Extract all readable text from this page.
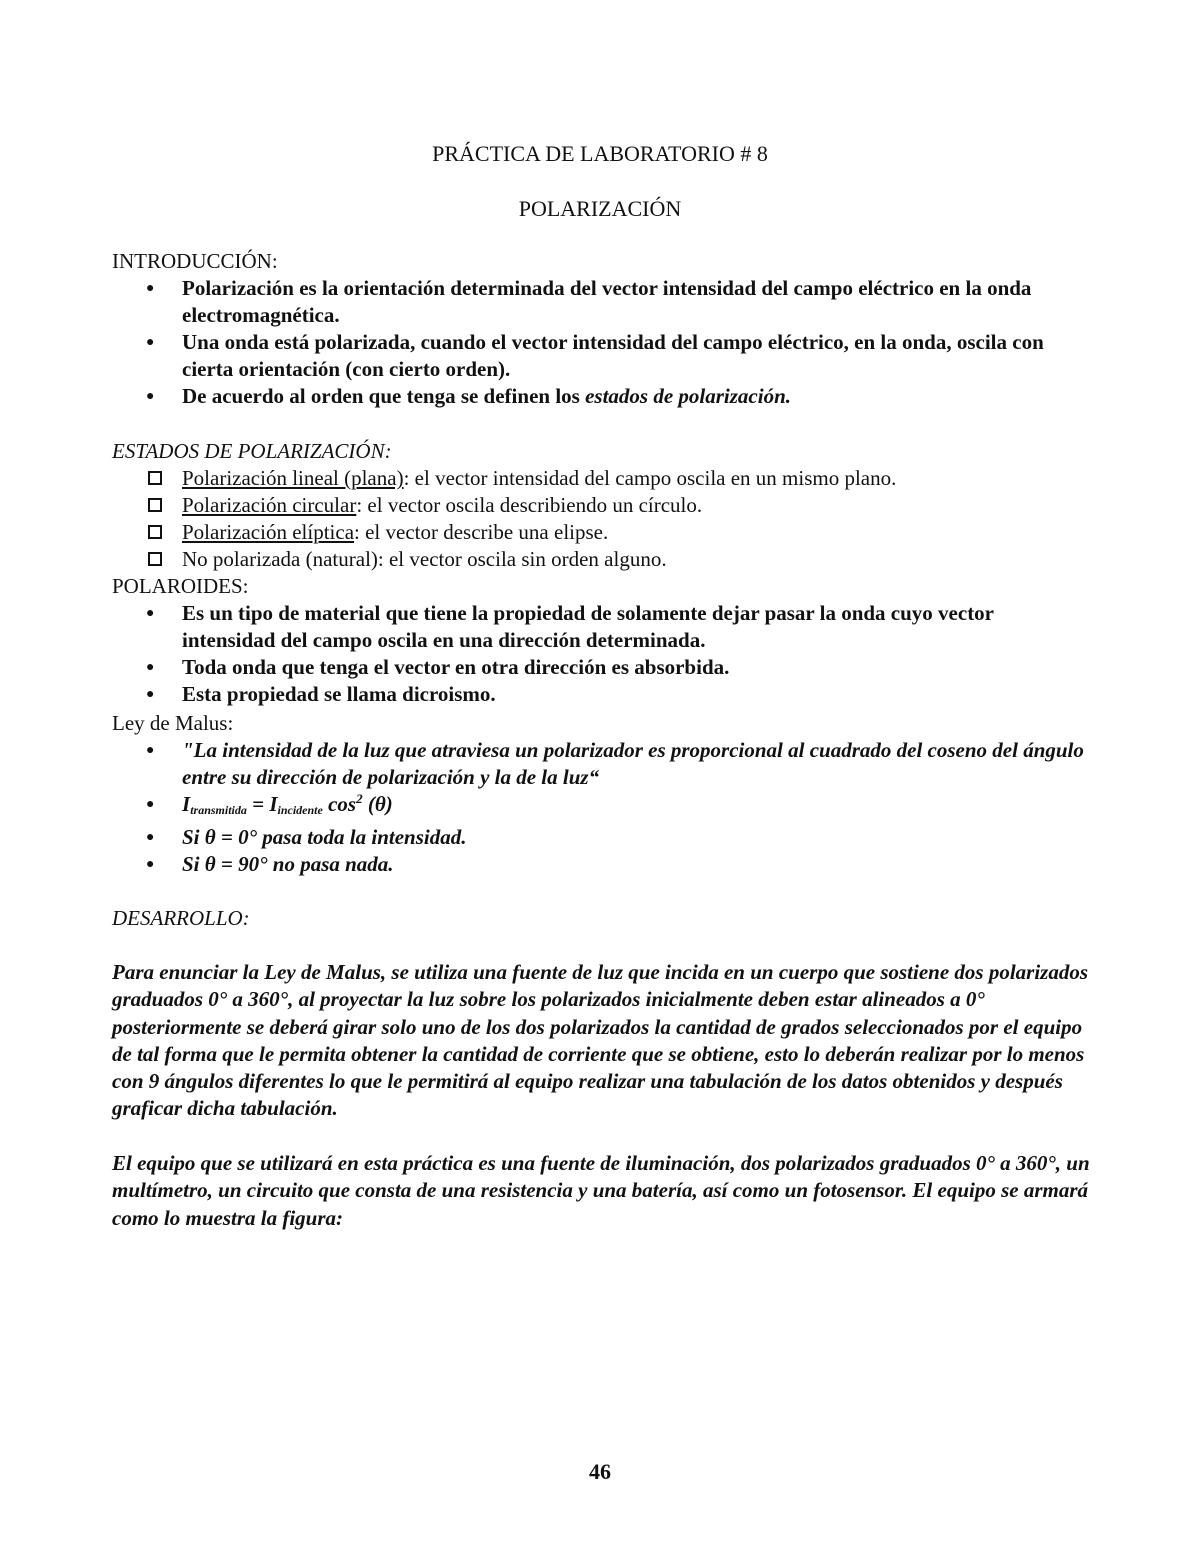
PRÁCTICA DE LABORATORIO # 8
POLARIZACIÓN
INTRODUCCIÓN:
● Polarización es la orientación determinada del vector intensidad del campo eléctrico en la onda electromagnética.
● Una onda está polarizada, cuando el vector intensidad del campo eléctrico, en la onda, oscila con cierta orientación (con cierto orden).
● De acuerdo al orden que tenga se definen los estados de polarización.
ESTADOS DE POLARIZACIÓN:
Polarización lineal (plana): el vector intensidad del campo oscila en un mismo plano.
Polarización circular: el vector oscila describiendo un círculo.
Polarización elíptica: el vector describe una elipse.
No polarizada (natural): el vector oscila sin orden alguno.
POLAROIDES:
● Es un tipo de material que tiene la propiedad de solamente dejar pasar la onda cuyo vector intensidad del campo oscila en una dirección determinada.
● Toda onda que tenga el vector en otra dirección es absorbida.
● Esta propiedad se llama dicroismo.
Ley de Malus:
● "La intensidad de la luz que atraviesa un polarizador es proporcional al cuadrado del coseno del ángulo entre su dirección de polarización y la de la luz“
● $I_{transmitida} = I_{incidente}$ $\cos^2 (\theta)$
● Si θ = 0° pasa toda la intensidad.
● Si θ = 90° no pasa nada.
DESARROLLO:
Para enunciar la Ley de Malus, se utiliza una fuente de luz que incida en un cuerpo que sostiene dos polarizados graduados 0° a 360°, al proyectar la luz sobre los polarizados inicialmente deben estar alineados a 0° posteriormente se deberá girar solo uno de los dos polarizados la cantidad de grados seleccionados por el equipo de tal forma que le permita obtener la cantidad de corriente que se obtiene, esto lo deberán realizar por lo menos con 9 ángulos diferentes lo que le permitirá al equipo realizar una tabulación de los datos obtenidos y después graficar dicha tabulación.
El equipo que se utilizará en esta práctica es una fuente de iluminación, dos polarizados graduados 0° a 360°, un multímetro, un circuito que consta de una resistencia y una batería, así como un fotosensor. El equipo se armará como lo muestra la figura:
46
